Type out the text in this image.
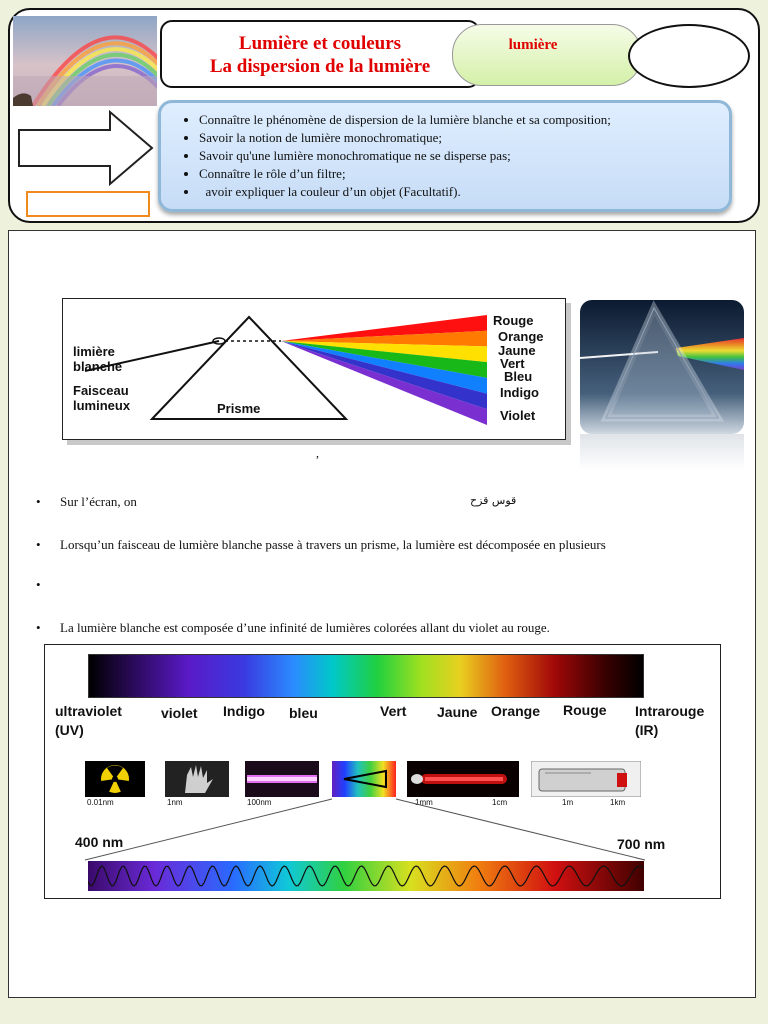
Lumière et couleurs
La dispersion de la lumière
lumière
• Connaître le phénomène de dispersion de la lumière blanche et sa composition;
• Savoir la notion de lumière monochromatique;
• Savoir qu'une lumière monochromatique ne se disperse pas;
• Connaître le rôle d’un filtre;
•   avoir expliquer la couleur d’un objet (Facultatif).
limière
blanche
Faisceau
lumineux	Prisme
Rouge
Orange
Jaune
Vert
Bleu
Indigo
Violet
,
• Sur l’écran, on	قوس قزح
• Lorsqu’un faisceau de lumière blanche passe à travers un prisme, la lumière est décomposée en plusieurs
•
• La lumière blanche est composée d’une infinité de lumières colorées allant du violet au rouge.
ultraviolet
(UV)
violet Indigo bleu	Vert Jaune Orange Rouge Intrarouge
(IR)
0.01nm	1nm	100nm	1mm	1cm	1m	1km
400 nm	700 nm
